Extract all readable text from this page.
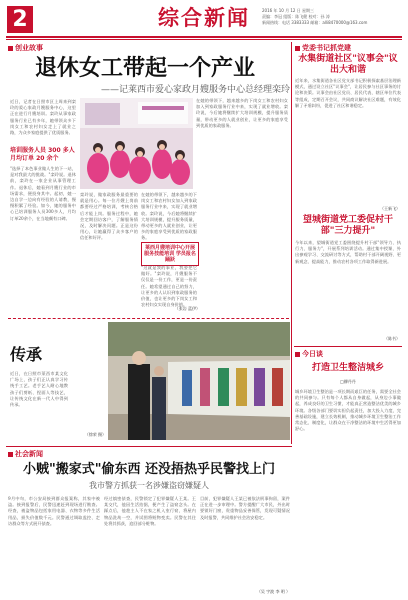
2	综合新闻	2016 年 10 月 12 日 星期三
责编：李冠 组版：陈飞健 校对：孙 涛
新闻热线：电话 3383333 邮箱：alli8470000@163.com
创业故事
退休女工带起一个产业
——记莱西市爱心家政月嫂服务中心总经理栾玲
近日，记者在日照市区上周来到栾玲的爱心家政月嫂服务中心，这里正在进行月嫂培训。栾玲从事家政服务行业已有多年，她带领众多下岗女工和农村妇女走上了就业之路，为众多家庭提供了优质服务。
培训服务人员 300 多人月均订单 20 余个
"选择了本色事业做人生的下一站，是对我最大的挑战。"栾玲说。退休前，栾玲在一家企业从事管理工作。退休后，她看到月嫂行业的市场需求，便投身其中。起初，她一边自学一边向有经验的人请教，慢慢积累了经验。如今，她的服务中心已培训服务人员300多人，月均订单20余个，在当地颇有口碑。
栾玲说，做家政服务最重要的就是用心。每一位月嫂上岗前都要经过严格培训，考核合格后才能上岗。服务过程中，她会定期回访客户，了解服务情况，及时解决问题。正是这份用心，让她赢得了众多客户的信任和好评。
在她的带领下，越来越多的下岗女工和农村妇女加入到家政服务行业中来，实现了就业增收。栾玲说，今后她将继续扩大培训规模，提升服务质量，带动更多的人就业创业，让更多的家庭享受到优质的家政服务。
莱西月嫂培训中心开展服务技能培训 学员报名踊跃
"这就是我的事业，我要把它做好。"栾玲说，月嫂服务不仅仅是一份工作，更是一份责任。她希望通过自己的努力，让更多的人认识到家政服务的价值，也让更多的下岗女工和农村妇女实现自身价值。
（张岩 蓝伊）
在她的带领下，越来越多的下岗女工和农村妇女加入到家政服务行业中来，实现了就业增收。栾玲说，今后她将继续扩大培训规模，提升服务质量，带动更多的人就业创业，让更多的家庭享受到优质的家政服务。
传承
近日，在日照市莱西市某文化广场上，孩子们正认真学习传统手工艺。老手艺人耐心地教孩子们剪纸、捏面人等技艺，让传统文化在新一代人中得到传承。
（徐荣 摄）
党委书记抓党建
水集街道社区"议事会"议出大和谐
近年来，水集街道各社区党支部书记积极探索基层治理新模式，通过设立社区"议事会"，让居民参与社区事务的讨论和决策。议事会由社区党员、居民代表、辖区单位代表等组成，定期召开会议，共同商议解决社区难题，有效化解了矛盾纠纷，促进了社区和谐稳定。
（王新飞）
望城街道党工委促村干部"三力提升"
今年以来，望城街道党工委围绕提升村干部"领导力、执行力、服务力"，开展系列培训活动。通过集中授课、外出参观学习、交流研讨等方式，帮助村干部开阔视野、更新观念、提高能力，推动农村各项工作取得新进展。
（陈书）
今日谈
打造卫生整洁城乡
□柳丹丹
城乡环境卫生整治是一项长期而艰巨的任务，需要全社会的共同参与。只有每个人都从自身做起，从身边小事做起，养成良好的卫生习惯，才能真正营造整洁优美的城乡环境。各级各部门要切实担负起责任，加大投入力度，完善基础设施，建立长效机制，推动城乡环境卫生整治工作常态化、制度化，让群众在干净整洁的环境中生活得更加舒心。
社会新闻
小贼"搬家式"偷东西 还没捂热乎民警找上门
我市警方抓获一名涉嫌盗窃嫌疑人
9月中旬，市公安局接到群众报案称，其家中被盗。接到报警后，民警迅速赶到现场进行勘查。经查，被盗物品包括家用电器、衣物等多件生活用品，损失价值数千元。民警通过调取监控、走访群众等方式展开侦查。
经过缜密侦查，民警锁定了犯罪嫌疑人王某。王某交代，他因生活拮据，便产生了盗窃念头。在踩点后，他趁主人不在家之机入室行窃，将屋内物品洗劫一空，并试图将赃物变卖。民警在其住处将其抓获，追回部分赃物。
目前，犯罪嫌疑人王某已被依法刑事拘留，案件正在进一步审理中。警方提醒广大市民，外出时要锁好门窗，贵重物品妥善保管，发现可疑情况及时报警，共同维护社会治安稳定。
（吴 宇波 李 明 ）
